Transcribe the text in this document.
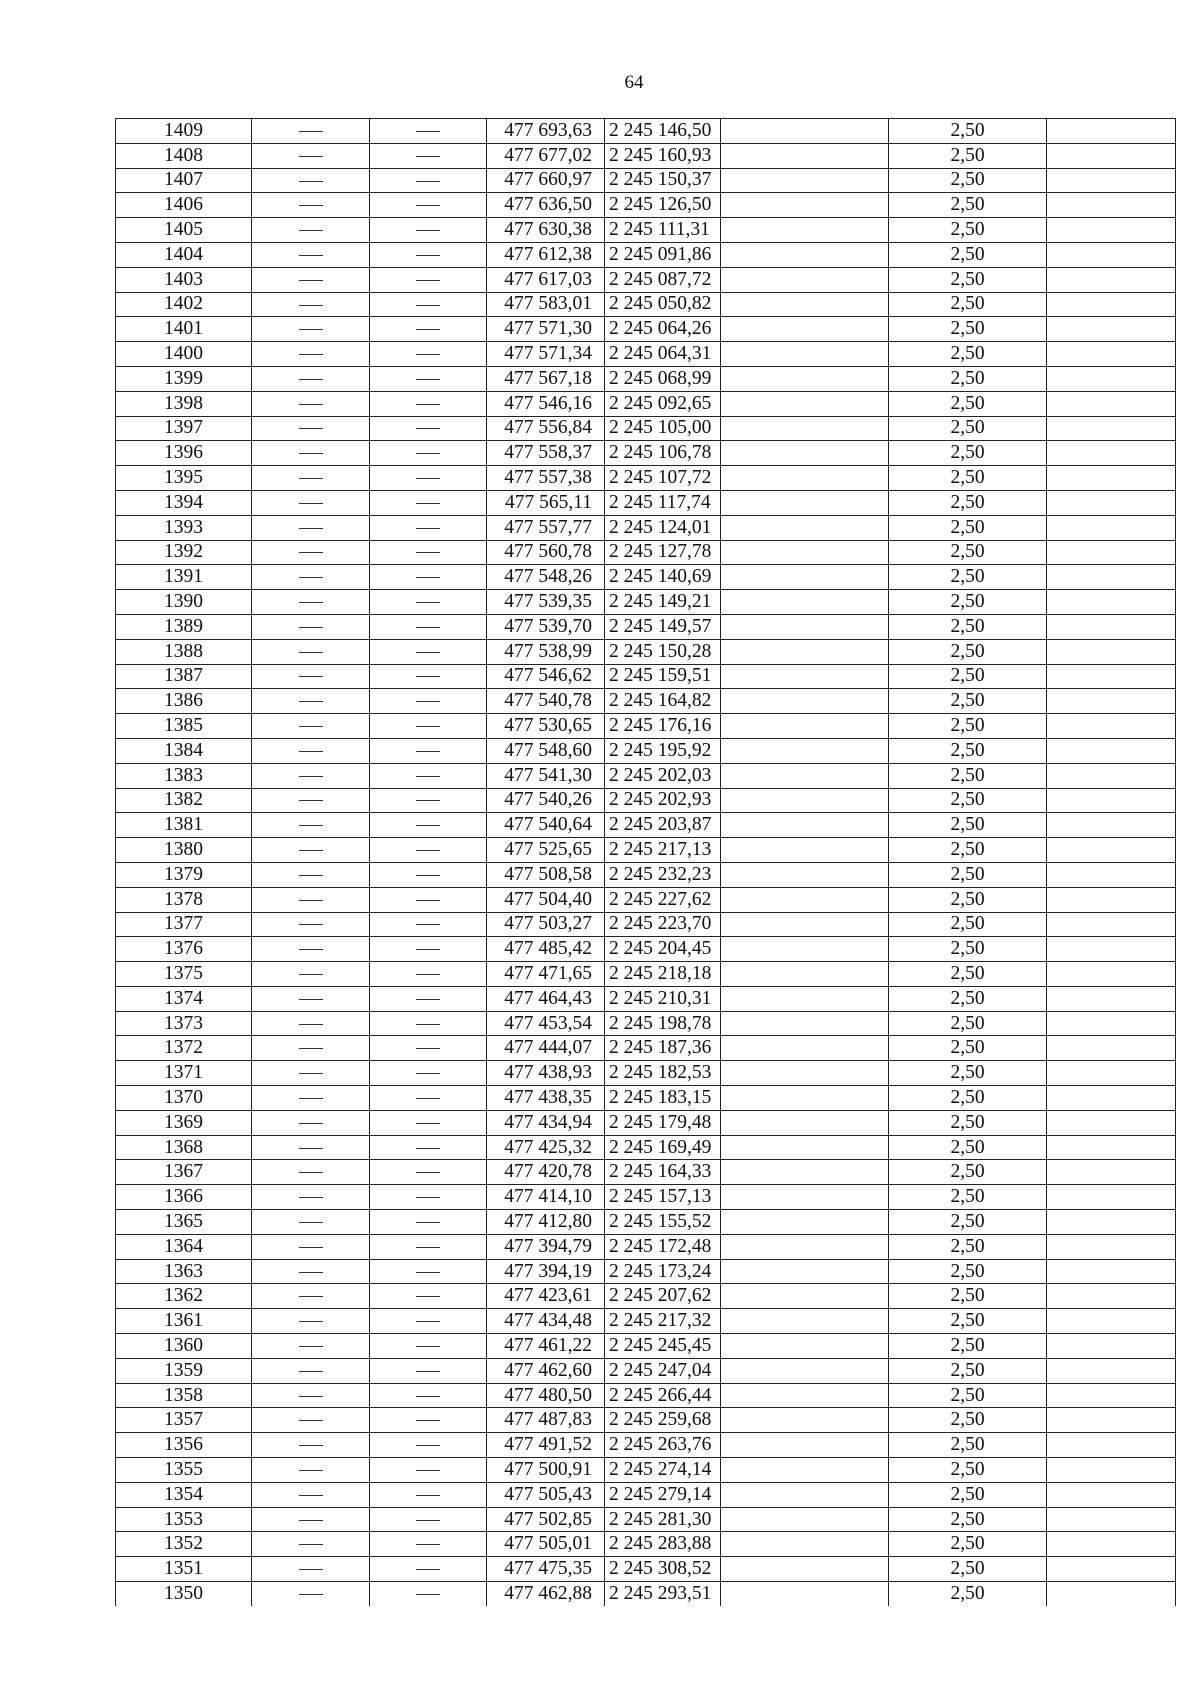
64
1409			477 693,63	2 245 146,50		2,50	
1408			477 677,02	2 245 160,93		2,50	
1407			477 660,97	2 245 150,37		2,50	
1406			477 636,50	2 245 126,50		2,50	
1405			477 630,38	2 245 111,31		2,50	
1404			477 612,38	2 245 091,86		2,50	
1403			477 617,03	2 245 087,72		2,50	
1402			477 583,01	2 245 050,82		2,50	
1401			477 571,30	2 245 064,26		2,50	
1400			477 571,34	2 245 064,31		2,50	
1399			477 567,18	2 245 068,99		2,50	
1398			477 546,16	2 245 092,65		2,50	
1397			477 556,84	2 245 105,00		2,50	
1396			477 558,37	2 245 106,78		2,50	
1395			477 557,38	2 245 107,72		2,50	
1394			477 565,11	2 245 117,74		2,50	
1393			477 557,77	2 245 124,01		2,50	
1392			477 560,78	2 245 127,78		2,50	
1391			477 548,26	2 245 140,69		2,50	
1390			477 539,35	2 245 149,21		2,50	
1389			477 539,70	2 245 149,57		2,50	
1388			477 538,99	2 245 150,28		2,50	
1387			477 546,62	2 245 159,51		2,50	
1386			477 540,78	2 245 164,82		2,50	
1385			477 530,65	2 245 176,16		2,50	
1384			477 548,60	2 245 195,92		2,50	
1383			477 541,30	2 245 202,03		2,50	
1382			477 540,26	2 245 202,93		2,50	
1381			477 540,64	2 245 203,87		2,50	
1380			477 525,65	2 245 217,13		2,50	
1379			477 508,58	2 245 232,23		2,50	
1378			477 504,40	2 245 227,62		2,50	
1377			477 503,27	2 245 223,70		2,50	
1376			477 485,42	2 245 204,45		2,50	
1375			477 471,65	2 245 218,18		2,50	
1374			477 464,43	2 245 210,31		2,50	
1373			477 453,54	2 245 198,78		2,50	
1372			477 444,07	2 245 187,36		2,50	
1371			477 438,93	2 245 182,53		2,50	
1370			477 438,35	2 245 183,15		2,50	
1369			477 434,94	2 245 179,48		2,50	
1368			477 425,32	2 245 169,49		2,50	
1367			477 420,78	2 245 164,33		2,50	
1366			477 414,10	2 245 157,13		2,50	
1365			477 412,80	2 245 155,52		2,50	
1364			477 394,79	2 245 172,48		2,50	
1363			477 394,19	2 245 173,24		2,50	
1362			477 423,61	2 245 207,62		2,50	
1361			477 434,48	2 245 217,32		2,50	
1360			477 461,22	2 245 245,45		2,50	
1359			477 462,60	2 245 247,04		2,50	
1358			477 480,50	2 245 266,44		2,50	
1357			477 487,83	2 245 259,68		2,50	
1356			477 491,52	2 245 263,76		2,50	
1355			477 500,91	2 245 274,14		2,50	
1354			477 505,43	2 245 279,14		2,50	
1353			477 502,85	2 245 281,30		2,50	
1352			477 505,01	2 245 283,88		2,50	
1351			477 475,35	2 245 308,52		2,50	
1350			477 462,88	2 245 293,51		2,50	
